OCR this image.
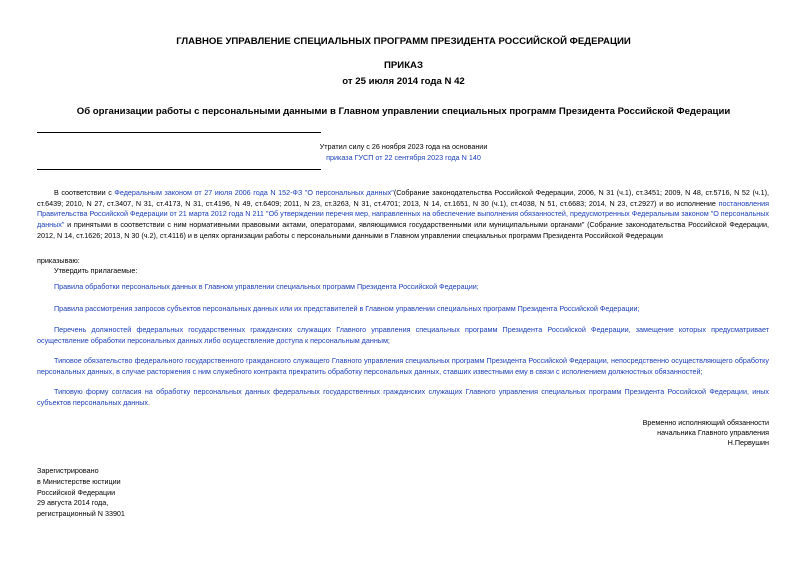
ГЛАВНОЕ УПРАВЛЕНИЕ СПЕЦИАЛЬНЫХ ПРОГРАММ ПРЕЗИДЕНТА РОССИЙСКОЙ ФЕДЕРАЦИИ
ПРИКАЗ
от 25 июля 2014 года N 42
Об организации работы с персональными данными в Главном управлении специальных программ Президента Российской Федерации
Утратил силу с 26 ноября 2023 года на основании
приказа ГУСП от 22 сентября 2023 года N 140
В соответствии с Федеральным законом от 27 июля 2006 года N 152-ФЗ "О персональных данных"(Собрание законодательства Российской Федерации, 2006, N 31 (ч.1), ст.3451; 2009, N 48, ст.5716, N 52 (ч.1), ст.6439; 2010, N 27, ст.3407, N 31, ст.4173, N 31, ст.4196, N 49, ст.6409; 2011, N 23, ст.3263, N 31, ст.4701; 2013, N 14, ст.1651, N 30 (ч.1), ст.4038, N 51, ст.6683; 2014, N 23, ст.2927) и во исполнение постановления Правительства Российской Федерации от 21 марта 2012 года N 211 "Об утверждении перечня мер, направленных на обеспечение выполнения обязанностей, предусмотренных Федеральным законом "О персональных данных" и принятыми в соответствии с ним нормативными правовыми актами, операторами, являющимися государственными или муниципальными органами" (Собрание законодательства Российской Федерации, 2012, N 14, ст.1626; 2013, N 30 (ч.2), ст.4116) и в целях организации работы с персональными данными в Главном управлении специальных программ Президента Российской Федерации
приказываю:
Утвердить прилагаемые:
Правила обработки персональных данных в Главном управлении специальных программ Президента Российской Федерации;
Правила рассмотрения запросов субъектов персональных данных или их представителей в Главном управлении специальных программ Президента Российской Федерации;
Перечень должностей федеральных государственных гражданских служащих Главного управления специальных программ Президента Российской Федерации, замещение которых предусматривает осуществление обработки персональных данных либо осуществление доступа к персональным данным;
Типовое обязательство федерального государственного гражданского служащего Главного управления специальных программ Президента Российской Федерации, непосредственно осуществляющего обработку персональных данных, в случае расторжения с ним служебного контракта прекратить обработку персональных данных, ставших известными ему в связи с исполнением должностных обязанностей;
Типовую форму согласия на обработку персональных данных федеральных государственных гражданских служащих Главного управления специальных программ Президента Российской Федерации, иных субъектов персональных данных.
Временно исполняющий обязанности
начальника Главного управления
Н.Первушин
Зарегистрировано
в Министерстве юстиции
Российской Федерации
29 августа 2014 года,
регистрационный N 33901
